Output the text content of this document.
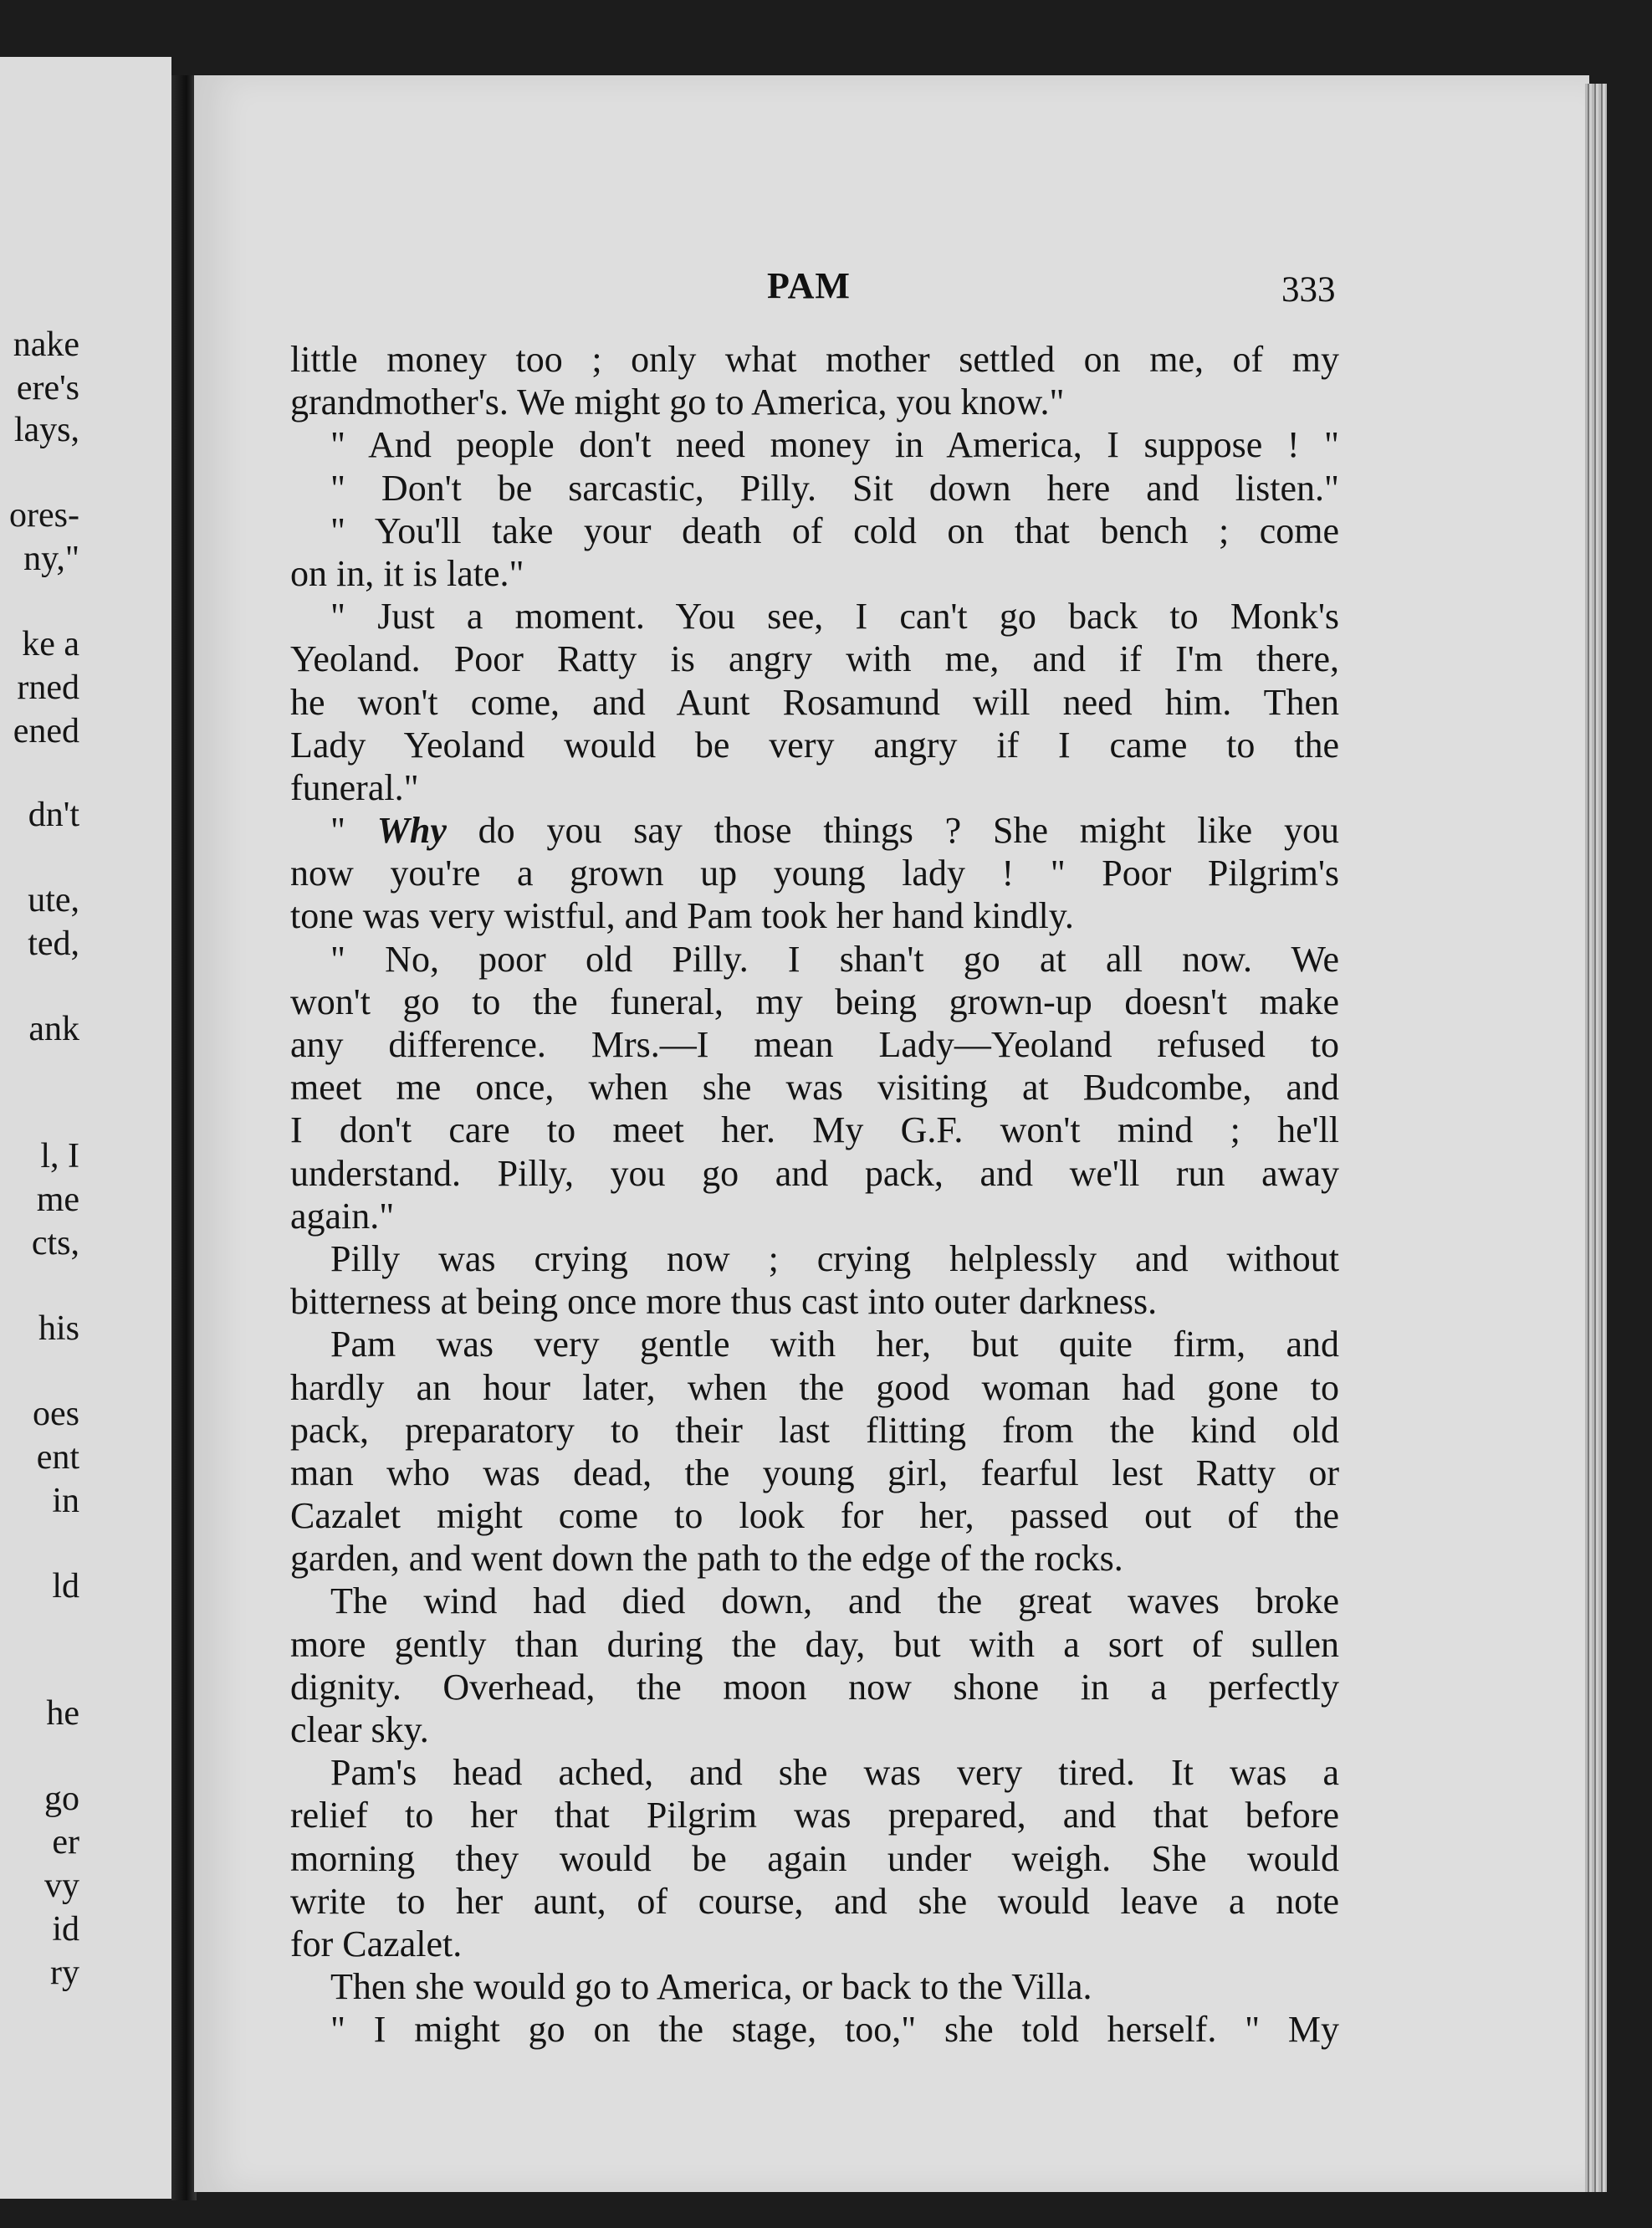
nake
ere's
lays,
ores-
ny,"
ke a
rned
ened
dn't
ute,
ted,
ank
l, I
me
cts,
his
oes
ent
in
ld
he
go
er
vy
id
ry
PAM	333
little money too ; only what mother settled on me, of my
grandmother's. We might go to America, you know."
" And people don't need money in America, I suppose ! "
" Don't be sarcastic, Pilly. Sit down here and listen."
" You'll take your death of cold on that bench ; come
on in, it is late."
" Just a moment. You see, I can't go back to Monk's
Yeoland. Poor Ratty is angry with me, and if I'm there,
he won't come, and Aunt Rosamund will need him. Then
Lady Yeoland would be very angry if I came to the
funeral."
" Why do you say those things ? She might like you
now you're a grown up young lady ! " Poor Pilgrim's
tone was very wistful, and Pam took her hand kindly.
" No, poor old Pilly. I shan't go at all now. We
won't go to the funeral, my being grown-up doesn't make
any difference. Mrs.—I mean Lady—Yeoland refused to
meet me once, when she was visiting at Budcombe, and
I don't care to meet her. My G.F. won't mind ; he'll
understand. Pilly, you go and pack, and we'll run away
again."
Pilly was crying now ; crying helplessly and without
bitterness at being once more thus cast into outer darkness.
Pam was very gentle with her, but quite firm, and
hardly an hour later, when the good woman had gone to
pack, preparatory to their last flitting from the kind old
man who was dead, the young girl, fearful lest Ratty or
Cazalet might come to look for her, passed out of the
garden, and went down the path to the edge of the rocks.
The wind had died down, and the great waves broke
more gently than during the day, but with a sort of sullen
dignity. Overhead, the moon now shone in a perfectly
clear sky.
Pam's head ached, and she was very tired. It was a
relief to her that Pilgrim was prepared, and that before
morning they would be again under weigh. She would
write to her aunt, of course, and she would leave a note
for Cazalet.
Then she would go to America, or back to the Villa.
" I might go on the stage, too," she told herself. " My
